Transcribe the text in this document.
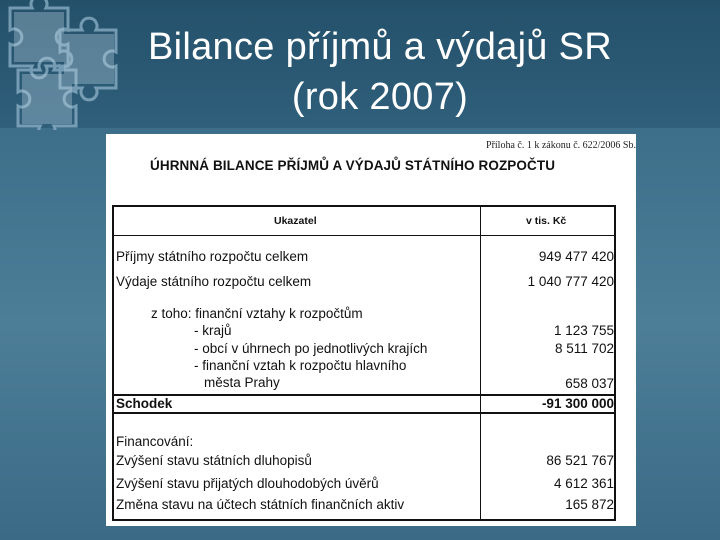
Bilance příjmů a výdajů SR
(rok 2007)
Příloha č. 1 k zákonu č. 622/2006 Sb.
ÚHRNNÁ BILANCE PŘÍJMŮ A VÝDAJŮ STÁTNÍHO ROZPOČTU
Ukazatel	v tis. Kč
Příjmy státního rozpočtu celkem	949 477 420
Výdaje státního rozpočtu celkem	1 040 777 420
z toho: finanční vztahy k rozpočtům
- krajů	1 123 755
- obcí v úhrnech po jednotlivých krajích	8 511 702
- finanční vztah k rozpočtu hlavního
města Prahy	658 037
Schodek	-91 300 000
Financování:
Zvýšení stavu státních dluhopisů	86 521 767
Zvýšení stavu přijatých dlouhodobých úvěrů	4 612 361
Změna stavu na účtech státních finančních aktiv	165 872
